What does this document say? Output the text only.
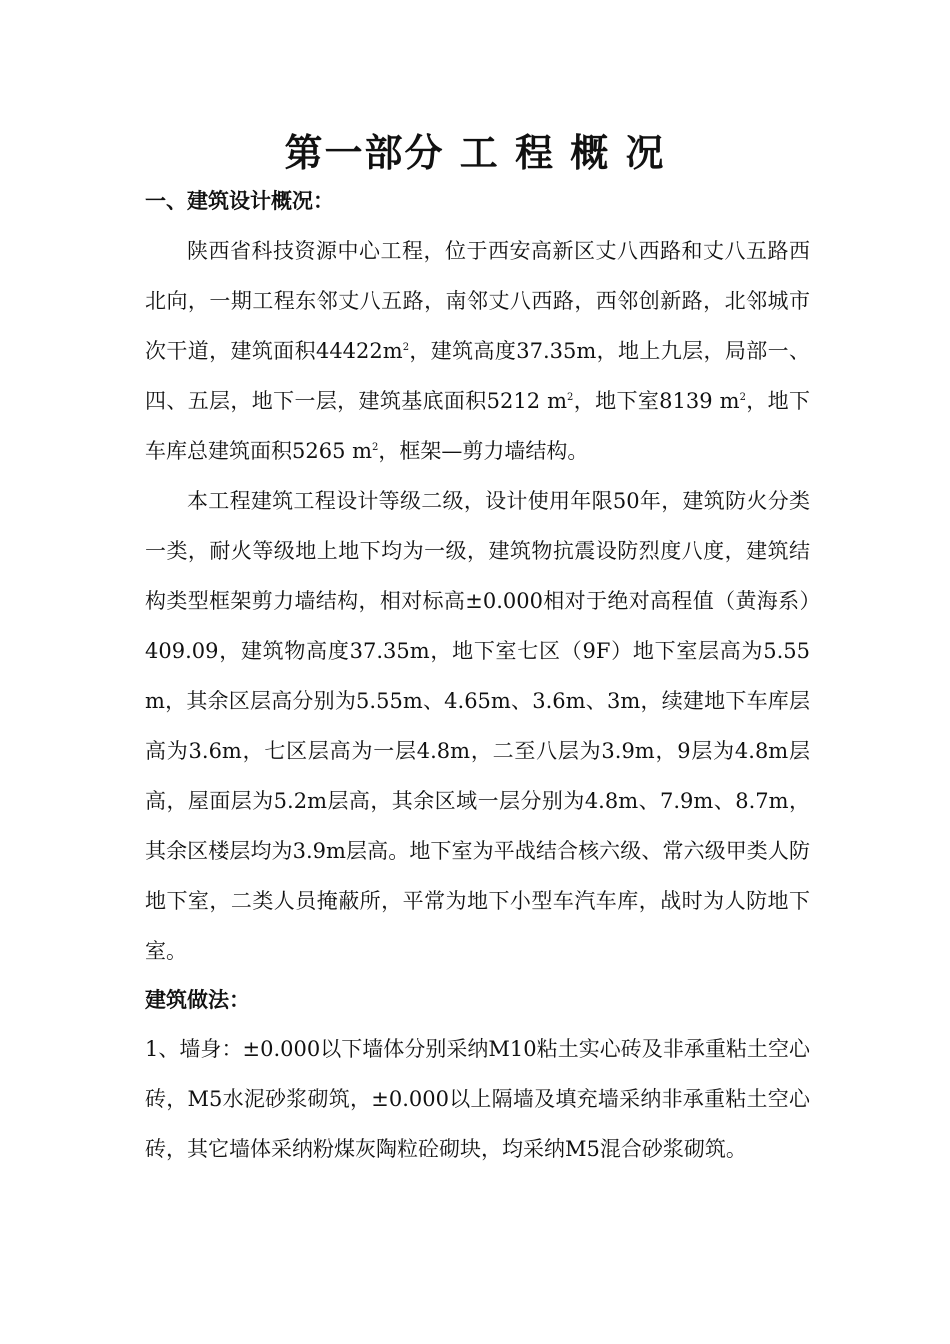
第一部分 工 程 概 况
一、建筑设计概况：

陕西省科技资源中心工程，位于西安高新区丈八西路和丈八五路西北向，一期工程东邻丈八五路，南邻丈八西路，西邻创新路，北邻城市次干道，建筑面积$44422m^2$，建筑高度37.35m，地上九层，局部一、四、五层，地下一层，建筑基底面积5212 $m^2$，地下室8139 $m^2$，地下车库总建筑面积5265 $m^2$，框架—剪力墙结构。

本工程建筑工程设计等级二级，设计使用年限50年，建筑防火分类一类，耐火等级地上地下均为一级，建筑物抗震设防烈度八度，建筑结构类型框架剪力墙结构，相对标高±0.000相对于绝对高程值（黄海系）409.09，建筑物高度37.35m，地下室七区（9F）地下室层高为5.55m，其余区层高分别为5.55m、4.65m、3.6m、3m，续建地下车库层高为3.6m，七区层高为一层4.8m，二至八层为3.9m，9层为4.8m层高，屋面层为5.2m层高，其余区域一层分别为4.8m、7.9m、8.7m，其余区楼层均为3.9m层高。地下室为平战结合核六级、常六级甲类人防地下室，二类人员掩蔽所，平常为地下小型车汽车库，战时为人防地下室。

建筑做法：

1、墙身：±0.000以下墙体分别采纳M10粘土实心砖及非承重粘土空心砖，M5水泥砂浆砌筑，±0.000以上隔墙及填充墙采纳非承重粘土空心砖，其它墙体采纳粉煤灰陶粒砼砌块，均采纳M5混合砂浆砌筑。
